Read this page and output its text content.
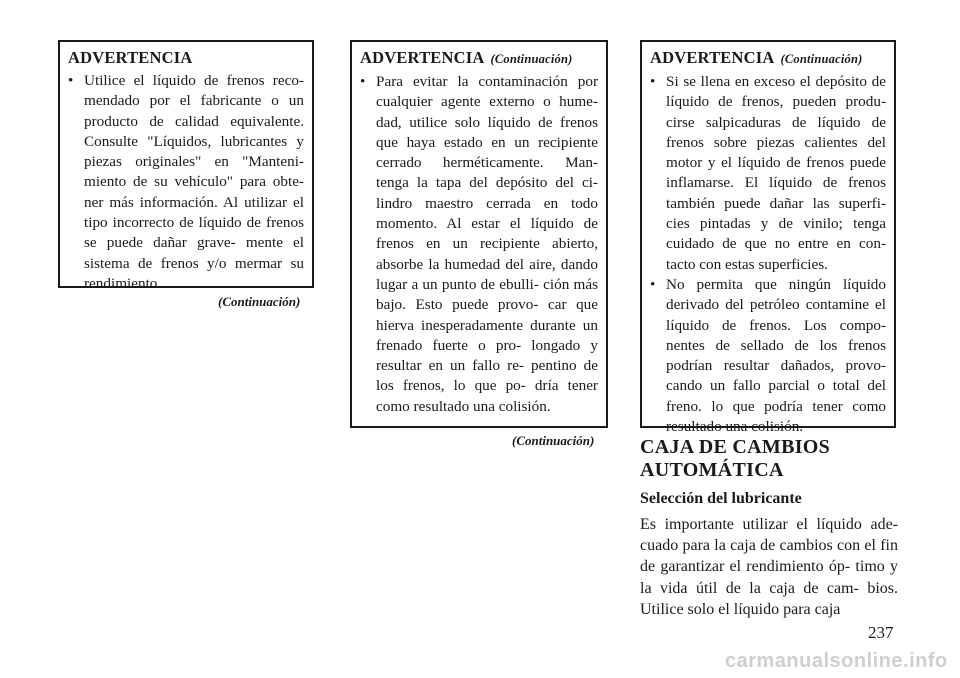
ADVERTENCIA
• Utilice el líquido de frenos reco- mendado por el fabricante o un producto de calidad equivalente. Consulte "Líquidos, lubricantes y piezas originales" en "Manteni- miento de su vehículo" para obte- ner más información. Al utilizar el tipo incorrecto de líquido de frenos se puede dañar grave- mente el sistema de frenos y/o mermar su rendimiento.
(Continuación)
ADVERTENCIA (Continuación)
• Para evitar la contaminación por cualquier agente externo o hume- dad, utilice solo líquido de frenos que haya estado en un recipiente cerrado herméticamente. Man- tenga la tapa del depósito del ci- lindro maestro cerrada en todo momento. Al estar el líquido de frenos en un recipiente abierto, absorbe la humedad del aire, dando lugar a un punto de ebulli- ción más bajo. Esto puede provo- car que hierva inesperadamente durante un frenado fuerte o pro- longado y resultar en un fallo re- pentino de los frenos, lo que po- dría tener como resultado una colisión.
(Continuación)
ADVERTENCIA (Continuación)
• Si se llena en exceso el depósito de líquido de frenos, pueden produ- cirse salpicaduras de líquido de frenos sobre piezas calientes del motor y el líquido de frenos puede inflamarse. El líquido de frenos también puede dañar las superfi- cies pintadas y de vinilo; tenga cuidado de que no entre en con- tacto con estas superficies.
• No permita que ningún líquido derivado del petróleo contamine el líquido de frenos. Los compo- nentes de sellado de los frenos podrían resultar dañados, provo- cando un fallo parcial o total del freno. lo que podría tener como resultado una colisión.
CAJA DE CAMBIOS
AUTOMÁTICA
Selección del lubricante
Es importante utilizar el líquido ade- cuado para la caja de cambios con el fin de garantizar el rendimiento óp- timo y la vida útil de la caja de cam- bios. Utilice solo el líquido para caja
237
carmanualsonline.info
